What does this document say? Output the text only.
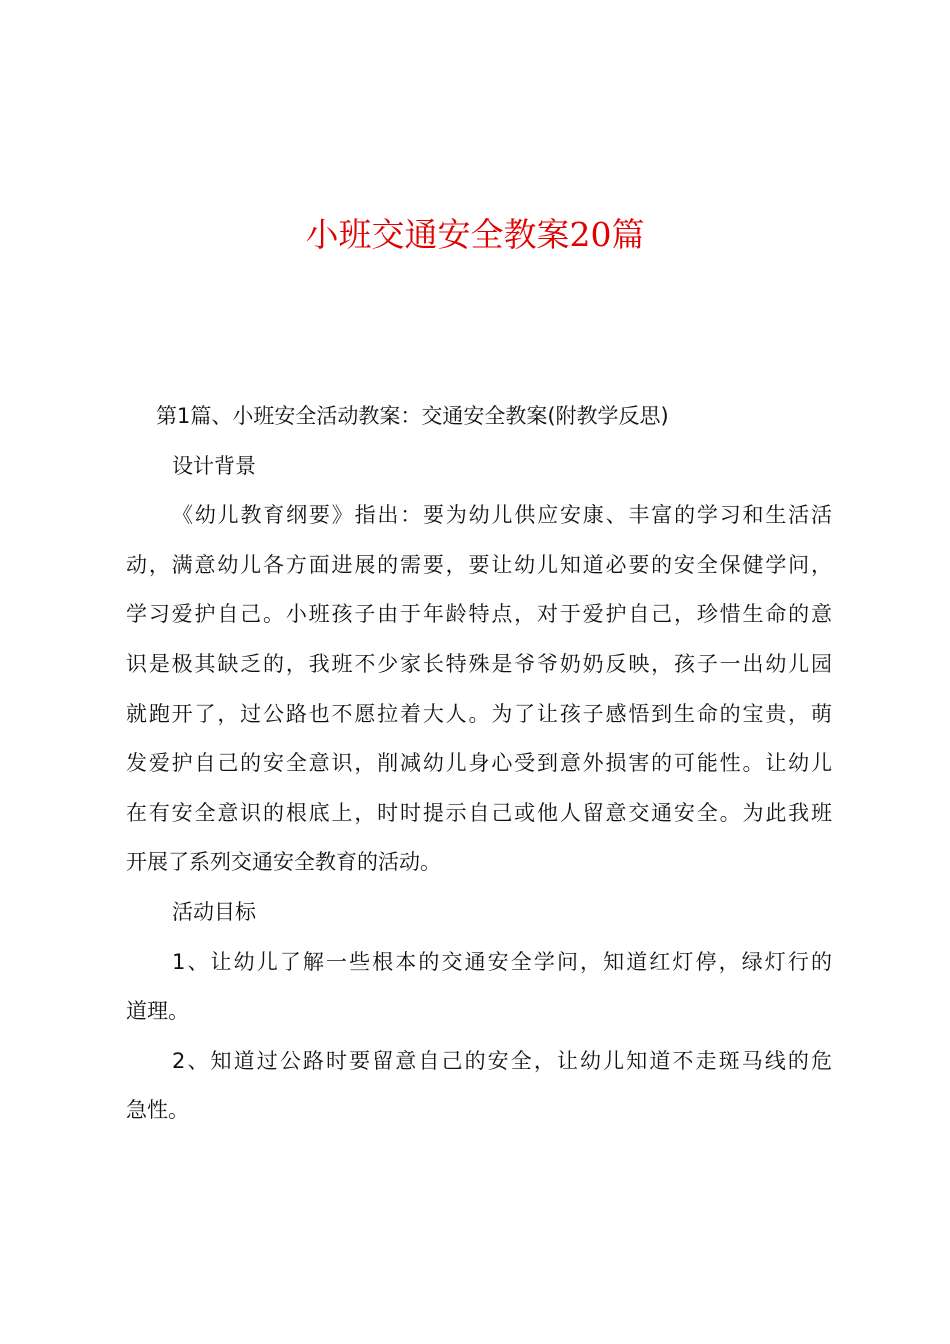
小班交通安全教案20篇
第1篇、小班安全活动教案：交通安全教案(附教学反思)
设计背景
《幼儿教育纲要》指出：要为幼儿供应安康、丰富的学习和生活活
动，满意幼儿各方面进展的需要，要让幼儿知道必要的安全保健学问，
学习爱护自己。小班孩子由于年龄特点，对于爱护自己，珍惜生命的意
识是极其缺乏的，我班不少家长特殊是爷爷奶奶反映，孩子一出幼儿园
就跑开了，过公路也不愿拉着大人。为了让孩子感悟到生命的宝贵，萌
发爱护自己的安全意识，削减幼儿身心受到意外损害的可能性。让幼儿
在有安全意识的根底上，时时提示自己或他人留意交通安全。为此我班
开展了系列交通安全教育的活动。
活动目标
1、让幼儿了解一些根本的交通安全学问，知道红灯停，绿灯行的
道理。
2、知道过公路时要留意自己的安全，让幼儿知道不走斑马线的危
急性。
